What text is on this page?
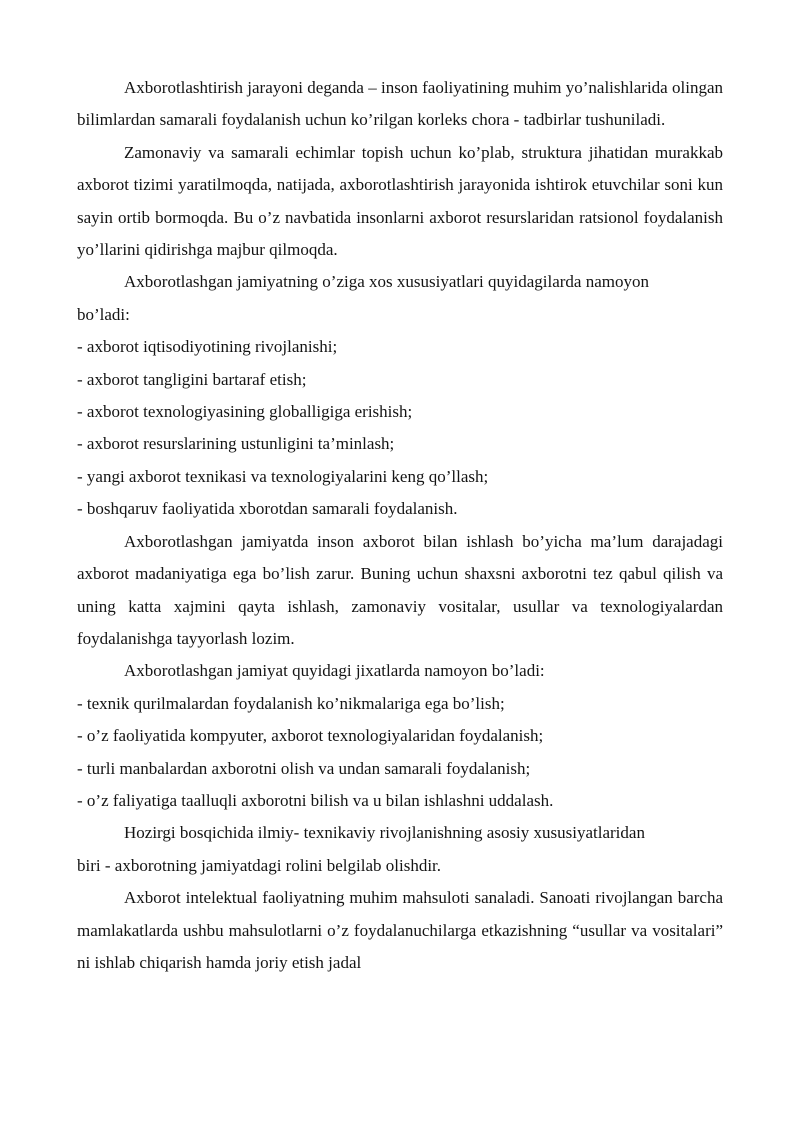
Axborotlashtirish jarayoni deganda – inson faoliyatining muhim yo’nalishlarida olingan bilimlardan samarali foydalanish uchun ko’rilgan korleks chora - tadbirlar tushuniladi.

Zamonaviy va samarali echimlar topish uchun ko’plab, struktura jihatidan murakkab axborot tizimi yaratilmoqda, natijada, axborotlashtirish jarayonida ishtirok etuvchilar soni kun sayin ortib bormoqda. Bu o’z navbatida insonlarni axborot resurslaridan ratsionol foydalanish yo’llarini qidirishga majbur qilmoqda.

Axborotlashgan jamiyatning o’ziga xos xususiyatlari quyidagilarda namoyon
bo’ladi:
- axborot iqtisodiyotining rivojlanishi;
- axborot tangligini bartaraf etish;
- axborot texnologiyasining globalligiga erishish;
- axborot resurslarining ustunligini ta’minlash;
- yangi axborot texnikasi va texnologiyalarini keng qo’llash;
- boshqaruv faoliyatida xborotdan samarali foydalanish.

Axborotlashgan jamiyatda inson axborot bilan ishlash bo’yicha ma’lum darajadagi axborot madaniyatiga ega bo’lish zarur. Buning uchun shaxsni axborotni tez qabul qilish va uning katta xajmini qayta ishlash, zamonaviy vositalar, usullar va texnologiyalardan foydalanishga tayyorlash lozim.

Axborotlashgan jamiyat quyidagi jixatlarda namoyon bo’ladi:
- texnik qurilmalardan foydalanish ko’nikmalariga ega bo’lish;
- o’z faoliyatida kompyuter, axborot texnologiyalaridan foydalanish;
- turli manbalardan axborotni olish va undan samarali foydalanish;
- o’z faliyatiga taalluqli axborotni bilish va u bilan ishlashni uddalash.
Hozirgi bosqichida ilmiy- texnikaviy rivojlanishning asosiy xususiyatlaridan
biri - axborotning jamiyatdagi rolini belgilab olishdir.

Axborot intelektual faoliyatning muhim mahsuloti sanaladi. Sanoati rivojlangan barcha mamlakatlarda ushbu mahsulotlarni o’z foydalanuchilarga etkazishning “usullar va vositalari” ni ishlab chiqarish hamda joriy etish jadal
